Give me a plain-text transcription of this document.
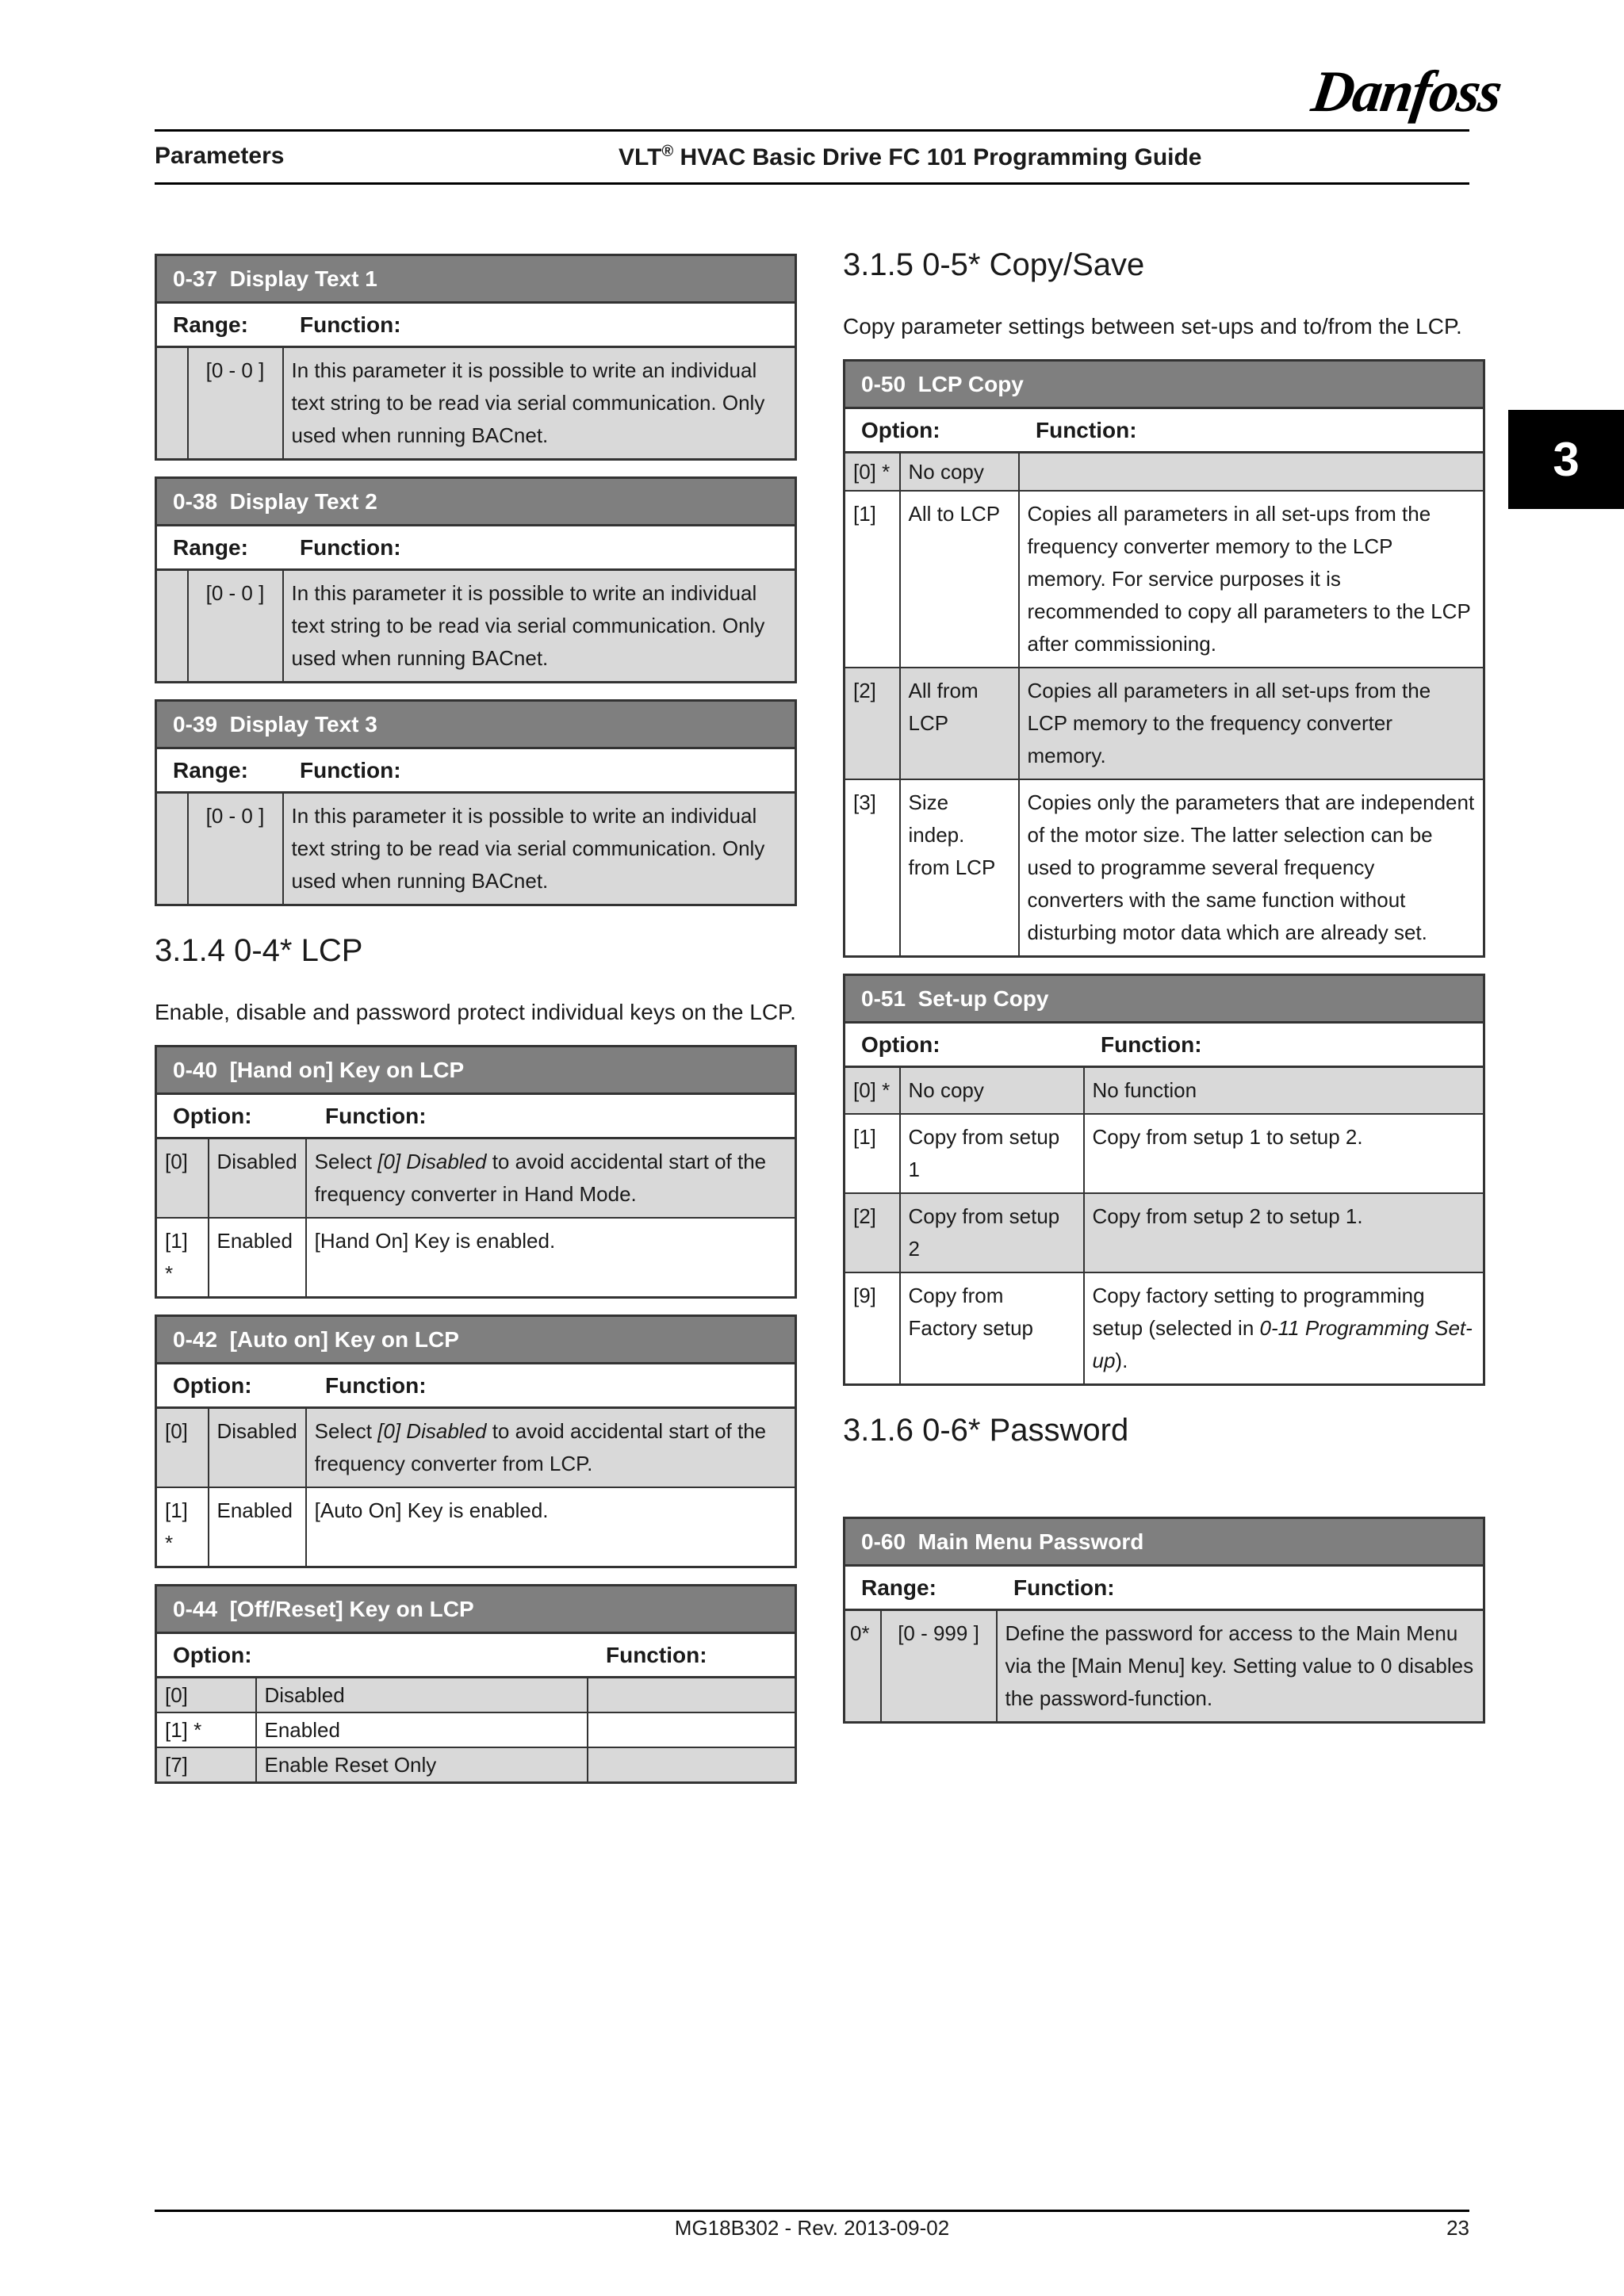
Danfoss
Parameters	VLT® HVAC Basic Drive FC 101 Programming Guide
3
0-37 Display Text 1
Range: Function:
	[0 - 0 ]	In this parameter it is possible to write an individual text string to be read via serial communication. Only used when running BACnet.
0-38 Display Text 2
Range: Function:
	[0 - 0 ]	In this parameter it is possible to write an individual text string to be read via serial communication. Only used when running BACnet.
0-39 Display Text 3
Range: Function:
	[0 - 0 ]	In this parameter it is possible to write an individual text string to be read via serial communication. Only used when running BACnet.
3.1.4 0-4* LCP

Enable, disable and password protect individual keys on the LCP.

0-40 [Hand on] Key on LCP		
Option: Function:		
[0]	Disabled	Select [0] Disabled to avoid accidental start of the frequency converter in Hand Mode.
[1] *	Enabled	[Hand On] Key is enabled.
0-42 [Auto on] Key on LCP		
Option: Function:		
[0]	Disabled	Select [0] Disabled to avoid accidental start of the frequency converter from LCP.
[1] *	Enabled	[Auto On] Key is enabled.
0-44 [Off/Reset] Key on LCP		
Option: Function:		
[0]	Disabled	
[1] *	Enabled	
[7]	Enable Reset Only	
3.1.5 0-5* Copy/Save

Copy parameter settings between set-ups and to/from the LCP.

0-50 LCP Copy		
Option: Function:		
[0] *	No copy	
[1]	All to LCP	Copies all parameters in all set-ups from the frequency converter memory to the LCP memory. For service purposes it is recommended to copy all parameters to the LCP after commissioning.
[2]	All from LCP	Copies all parameters in all set-ups from the LCP memory to the frequency converter memory.
[3]	Size indep. from LCP	Copies only the parameters that are independent of the motor size. The latter selection can be used to programme several frequency converters with the same function without disturbing motor data which are already set.
0-51 Set-up Copy		
Option: Function:		
[0] *	No copy	No function
[1]	Copy from setup 1	Copy from setup 1 to setup 2.
[2]	Copy from setup 2	Copy from setup 2 to setup 1.
[9]	Copy from Factory setup	Copy factory setting to programming setup (selected in 0-11 Programming Set-up).
3.1.6 0-6* Password
0-60 Main Menu Password
Range:	Function:
0*	[0 - 999 ]	Define the password for access to the Main Menu via the [Main Menu] key. Setting value to 0 disables the password-function.
MG18B302 - Rev. 2013-09-02	23
